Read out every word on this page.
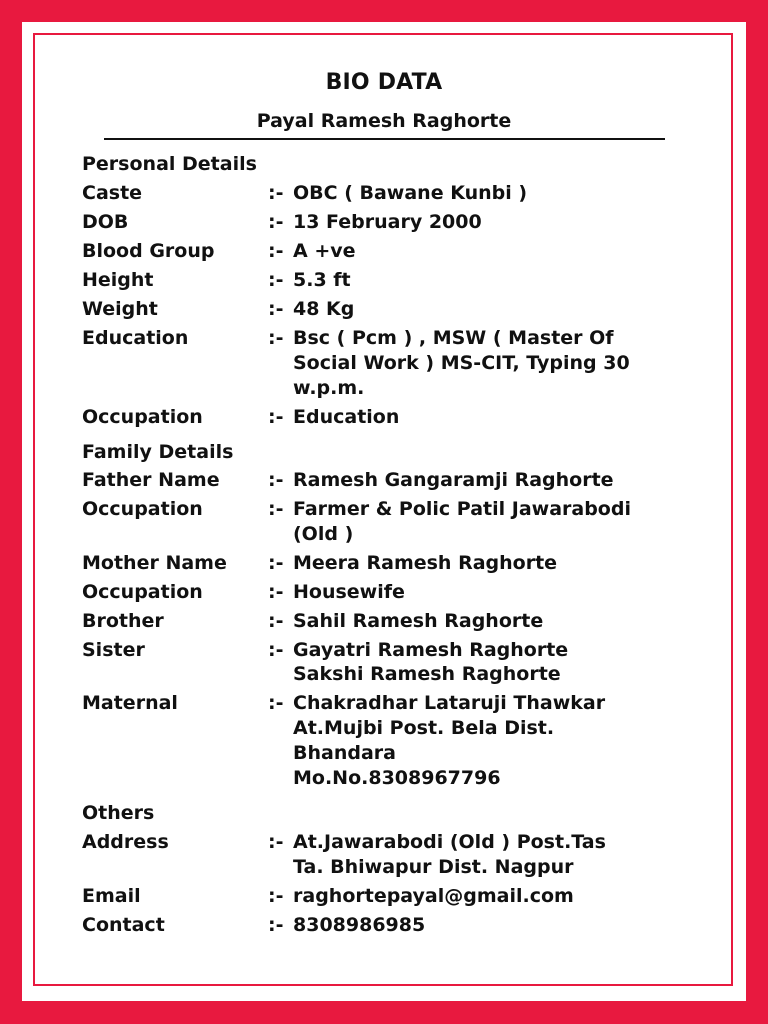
BIO DATA
Payal Ramesh Raghorte
Personal Details
Caste	:- OBC ( Bawane Kunbi )
DOB	:- 13 February 2000
Blood Group	:- A +ve
Height	:- 5.3 ft
Weight	:- 48 Kg
Education	:- Bsc ( Pcm ) , MSW ( Master Of
Social Work ) MS-CIT, Typing 30
w.p.m.
Occupation	:- Education
Family Details
Father Name	:- Ramesh Gangaramji Raghorte
Occupation	:- Farmer & Polic Patil Jawarabodi
(Old )
Mother Name :- Meera Ramesh Raghorte
Occupation	:- Housewife
Brother	:- Sahil Ramesh Raghorte
Sister	:- Gayatri Ramesh Raghorte
Sakshi Ramesh Raghorte
Maternal	:- Chakradhar Lataruji Thawkar
At.Mujbi Post. Bela Dist.
Bhandara
Mo.No.8308967796
Others
Address	:- At.Jawarabodi (Old ) Post.Tas
Ta. Bhiwapur Dist. Nagpur
Email	:- raghortepayal@gmail.com
Contact	:- 8308986985
